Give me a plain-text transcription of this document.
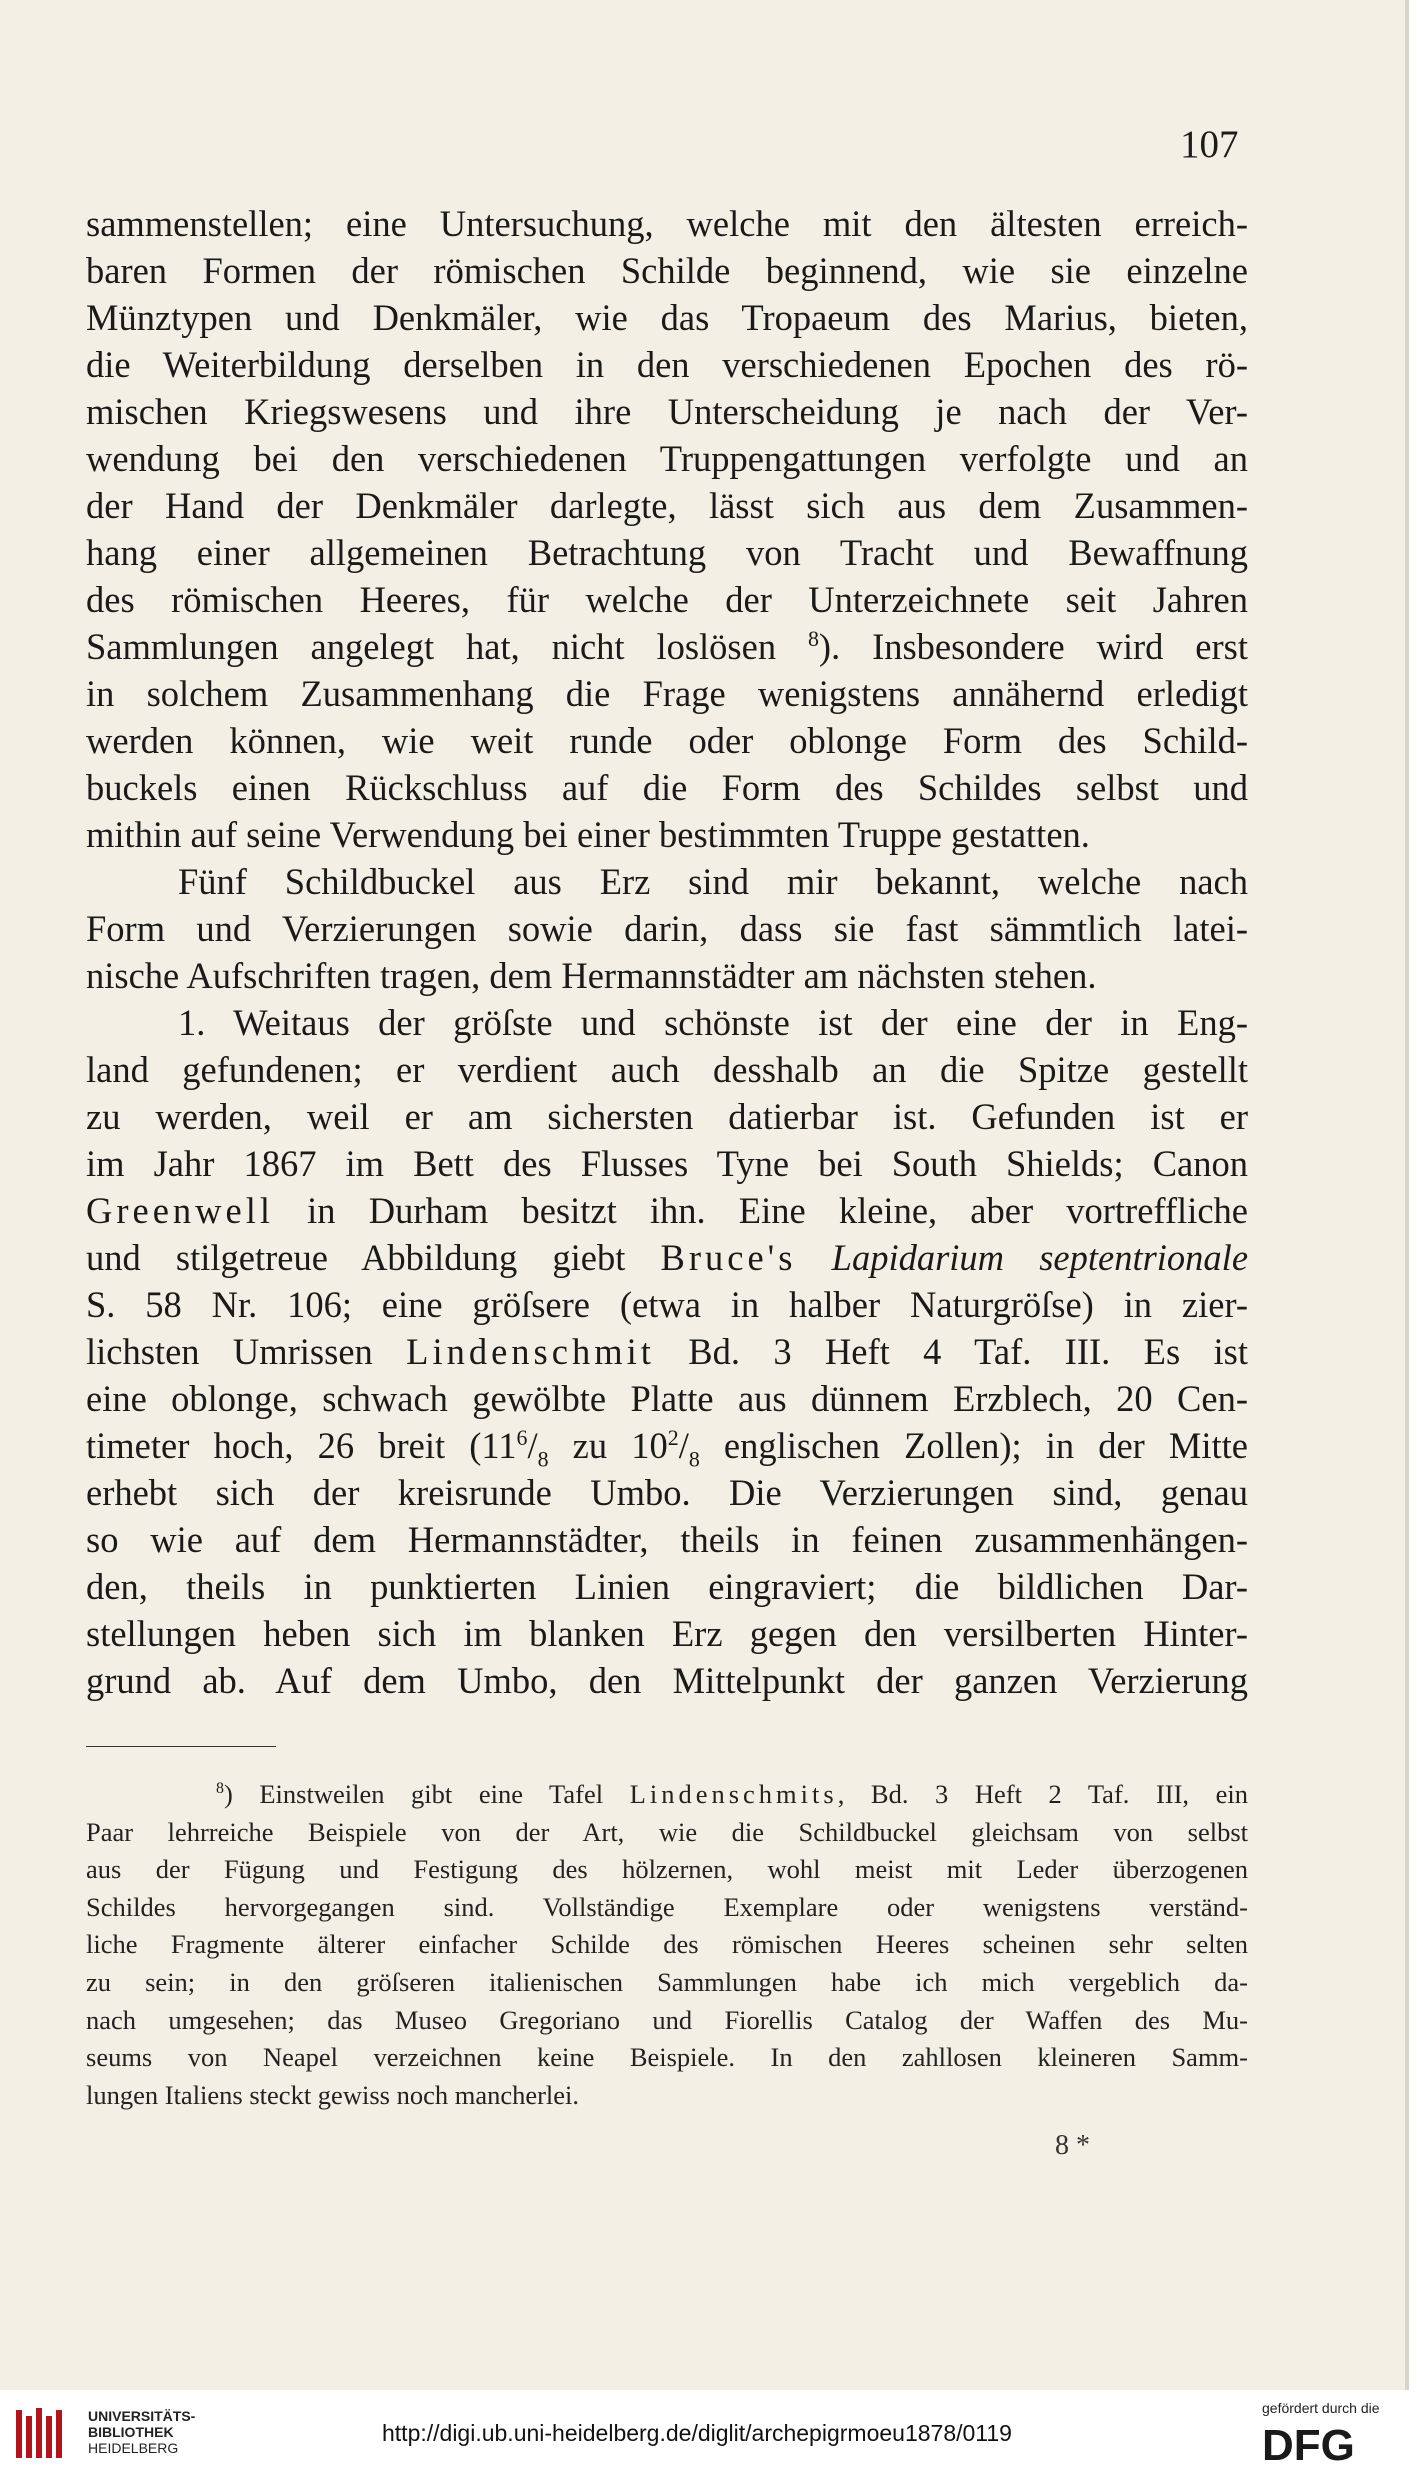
107

sammenstellen; eine Untersuchung, welche mit den ältesten erreich-
baren Formen der römischen Schilde beginnend, wie sie einzelne
Münztypen und Denkmäler, wie das Tropaeum des Marius, bieten,
die Weiterbildung derselben in den verschiedenen Epochen des rö-
mischen Kriegswesens und ihre Unterscheidung je nach der Ver-
wendung bei den verschiedenen Truppengattungen verfolgte und an
der Hand der Denkmäler darlegte, lässt sich aus dem Zusammen-
hang einer allgemeinen Betrachtung von Tracht und Bewaffnung
des römischen Heeres, für welche der Unterzeichnete seit Jahren
Sammlungen angelegt hat, nicht loslösen $^8$). Insbesondere wird erst
in solchem Zusammenhang die Frage wenigstens annähernd erledigt
werden können, wie weit runde oder oblonge Form des Schild-
buckels einen Rückschluss auf die Form des Schildes selbst und
mithin auf seine Verwendung bei einer bestimmten Truppe gestatten.

Fünf Schildbuckel aus Erz sind mir bekannt, welche nach
Form und Verzierungen sowie darin, dass sie fast sämmtlich latei-
nische Aufschriften tragen, dem Hermannstädter am nächsten stehen.

1. Weitaus der gröſste und schönste ist der eine der in Eng-
land gefundenen; er verdient auch desshalb an die Spitze gestellt
zu werden, weil er am sichersten datierbar ist. Gefunden ist er
im Jahr 1867 im Bett des Flusses Tyne bei South Shields; Canon
Greenwell in Durham besitzt ihn. Eine kleine, aber vortreffliche
und stilgetreue Abbildung giebt Bruce's Lapidarium septentrionale
S. 58 Nr. 106; eine gröſsere (etwa in halber Naturgröſse) in zier-
lichsten Umrissen Lindenschmit Bd. 3 Heft 4 Taf. III. Es ist
eine oblonge, schwach gewölbte Platte aus dünnem Erzblech, 20 Cen-
timeter hoch, 26 breit ($11^6/_8$ zu $10^2/_8$ englischen Zollen); in der Mitte
erhebt sich der kreisrunde Umbo. Die Verzierungen sind, genau
so wie auf dem Hermannstädter, theils in feinen zusammenhängen-
den, theils in punktierten Linien eingraviert; die bildlichen Dar-
stellungen heben sich im blanken Erz gegen den versilberten Hinter-
grund ab. Auf dem Umbo, den Mittelpunkt der ganzen Verzierung

$^8$) Einstweilen gibt eine Tafel Lindenschmits, Bd. 3 Heft 2 Taf. III, ein
Paar lehrreiche Beispiele von der Art, wie die Schildbuckel gleichsam von selbst
aus der Fügung und Festigung des hölzernen, wohl meist mit Leder überzogenen
Schildes hervorgegangen sind. Vollständige Exemplare oder wenigstens verständ-
liche Fragmente älterer einfacher Schilde des römischen Heeres scheinen sehr selten
zu sein; in den gröſseren italienischen Sammlungen habe ich mich vergeblich da-
nach umgesehen; das Museo Gregoriano und Fiorellis Catalog der Waffen des Mu-
seums von Neapel verzeichnen keine Beispiele. In den zahllosen kleineren Samm-
lungen Italiens steckt gewiss noch mancherlei.
8 *
UNIVERSITÄTS-
BIBLIOTHEK
HEIDELBERG
http://digi.ub.uni-heidelberg.de/diglit/archepigrmoeu1878/0119
gefördert durch die
DFG
